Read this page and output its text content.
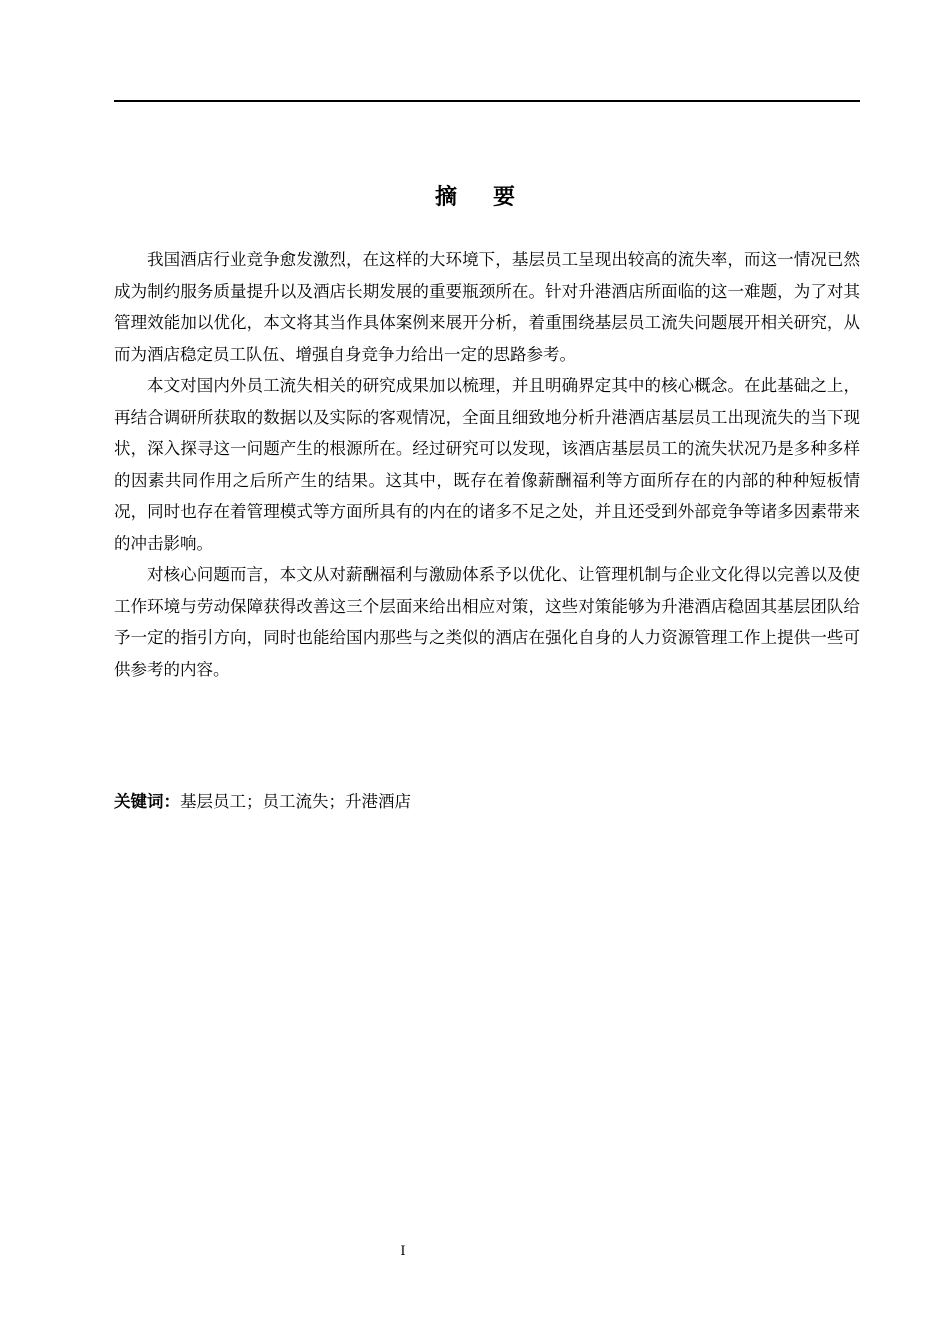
摘要

我国酒店行业竞争愈发激烈，在这样的大环境下，基层员工呈现出较高的流失率，而这一情况已然成为制约服务质量提升以及酒店长期发展的重要瓶颈所在。针对升港酒店所面临的这一难题，为了对其管理效能加以优化，本文将其当作具体案例来展开分析，着重围绕基层员工流失问题展开相关研究，从而为酒店稳定员工队伍、增强自身竞争力给出一定的思路参考。

本文对国内外员工流失相关的研究成果加以梳理，并且明确界定其中的核心概念。在此基础之上，再结合调研所获取的数据以及实际的客观情况，全面且细致地分析升港酒店基层员工出现流失的当下现状，深入探寻这一问题产生的根源所在。经过研究可以发现，该酒店基层员工的流失状况乃是多种多样的因素共同作用之后所产生的结果。这其中，既存在着像薪酬福利等方面所存在的内部的种种短板情况，同时也存在着管理模式等方面所具有的内在的诸多不足之处，并且还受到外部竞争等诸多因素带来的冲击影响。

对核心问题而言，本文从对薪酬福利与激励体系予以优化、让管理机制与企业文化得以完善以及使工作环境与劳动保障获得改善这三个层面来给出相应对策，这些对策能够为升港酒店稳固其基层团队给予一定的指引方向，同时也能给国内那些与之类似的酒店在强化自身的人力资源管理工作上提供一些可供参考的内容。

关键词：基层员工；员工流失；升港酒店
I
